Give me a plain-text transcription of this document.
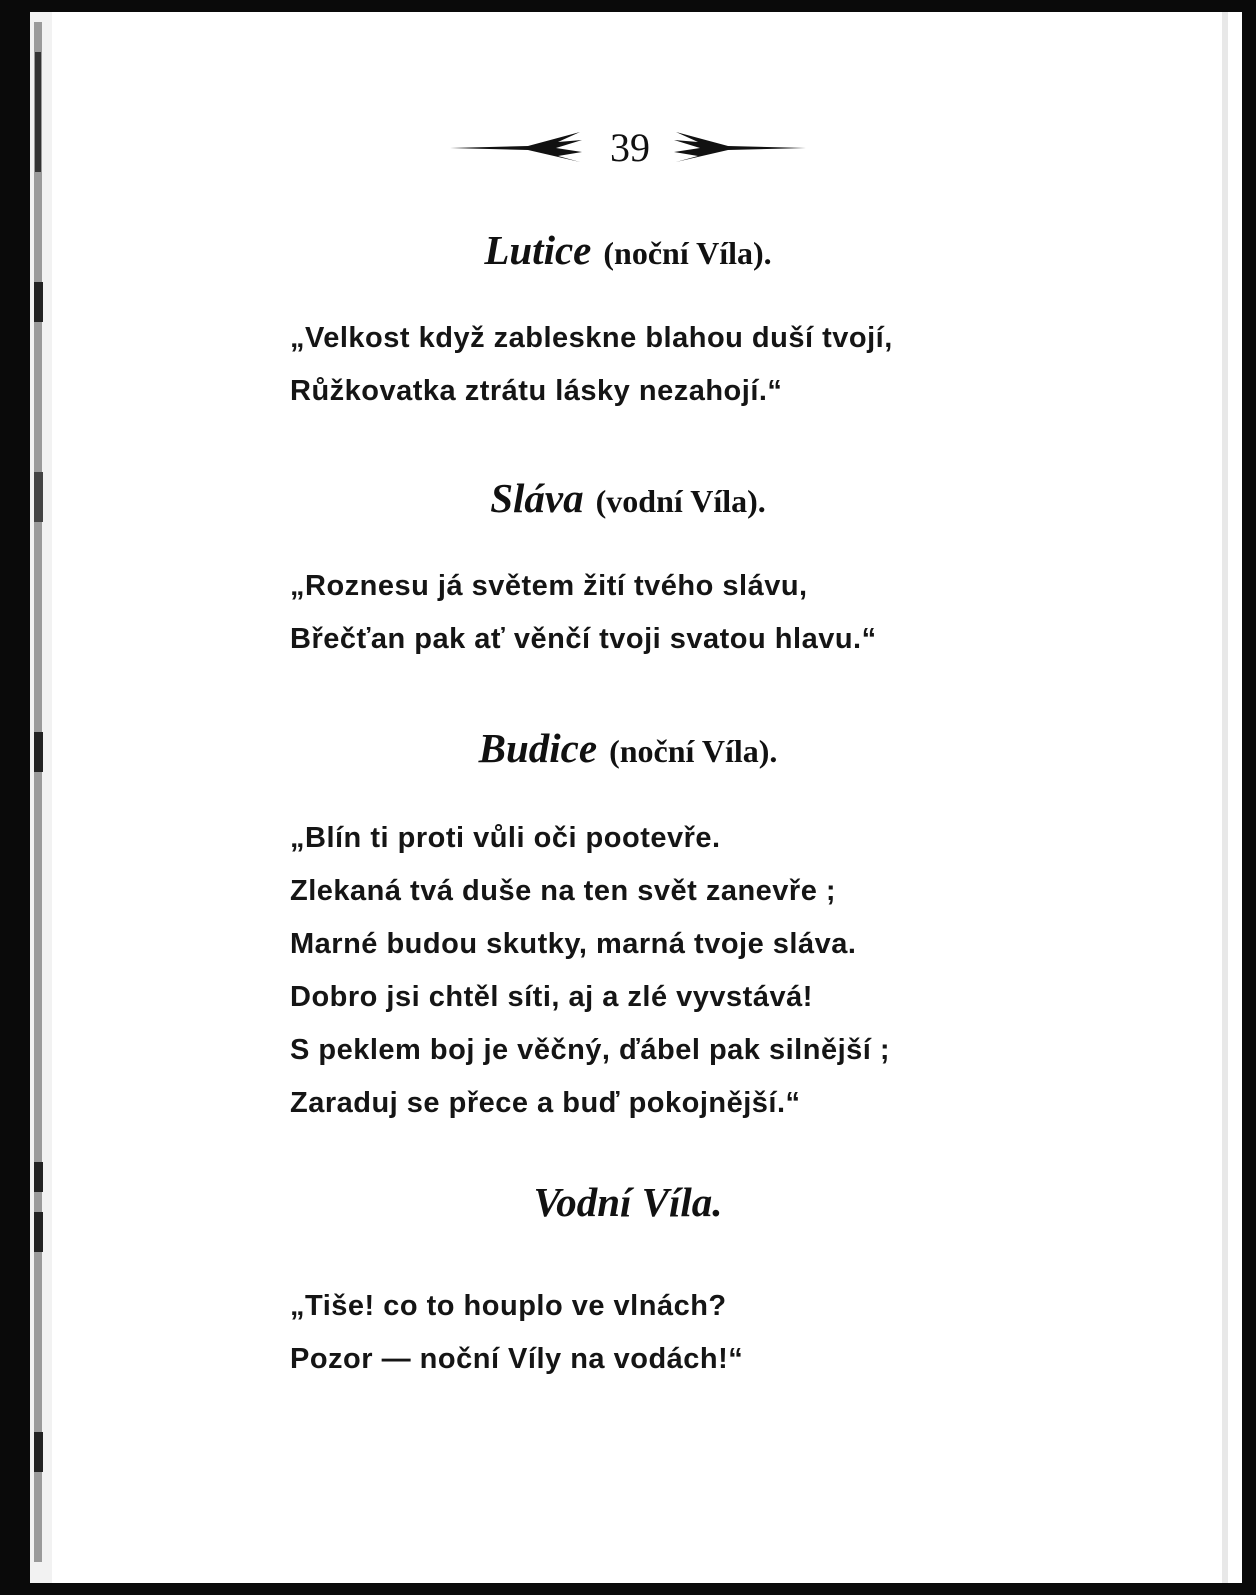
39
Lutice (noční Víla).
„Velkost když zableskne blahou duší tvojí,
Růžkovatka ztrátu lásky nezahojí.“
Sláva (vodní Víla).
„Roznesu já světem žití tvého slávu,
Břečťan pak ať věnčí tvoji svatou hlavu.“
Budice (noční Víla).
„Blín ti proti vůli oči pootevře.
Zlekaná tvá duše na ten svět zanevře ;
Marné budou skutky, marná tvoje sláva.
Dobro jsi chtěl síti, aj a zlé vyvstává!
S peklem boj je věčný, ďábel pak silnější ;
Zaraduj se přece a buď pokojnější.“
Vodní Víla.
„Tiše! co to houplo ve vlnách?
Pozor — noční Víly na vodách!“
